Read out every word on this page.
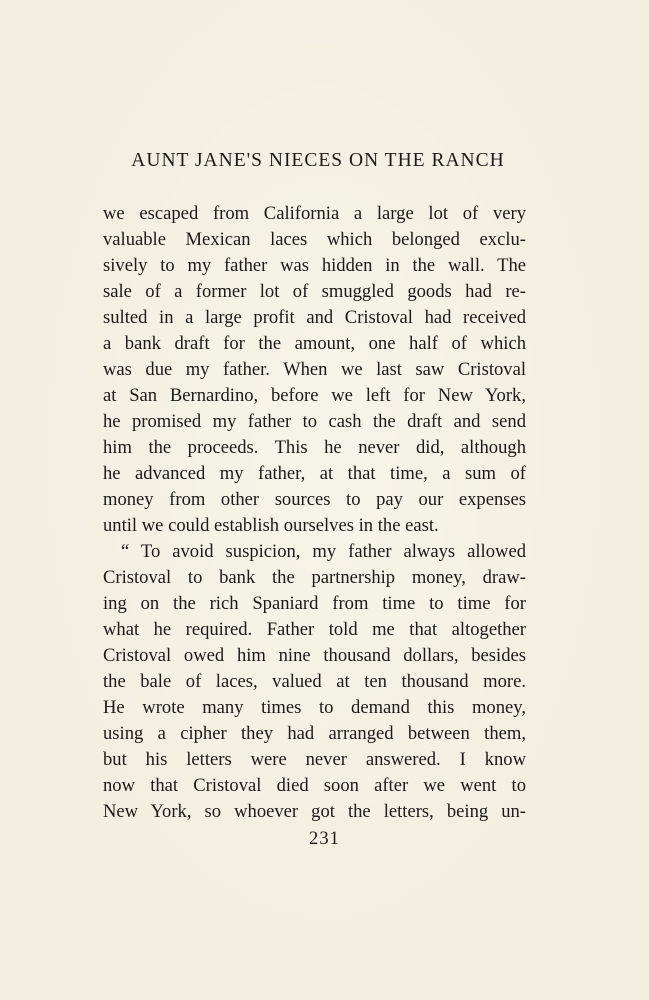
AUNT JANE'S NIECES ON THE RANCH
we escaped from California a large lot of very
valuable Mexican laces which belonged exclu-
sively to my father was hidden in the wall. The
sale of a former lot of smuggled goods had re-
sulted in a large profit and Cristoval had received
a bank draft for the amount, one half of which
was due my father. When we last saw Cristoval
at San Bernardino, before we left for New York,
he promised my father to cash the draft and send
him the proceeds. This he never did, although
he advanced my father, at that time, a sum of
money from other sources to pay our expenses
until we could establish ourselves in the east.
“ To avoid suspicion, my father always allowed
Cristoval to bank the partnership money, draw-
ing on the rich Spaniard from time to time for
what he required. Father told me that altogether
Cristoval owed him nine thousand dollars, besides
the bale of laces, valued at ten thousand more.
He wrote many times to demand this money,
using a cipher they had arranged between them,
but his letters were never answered. I know
now that Cristoval died soon after we went to
New York, so whoever got the letters, being un-
231
